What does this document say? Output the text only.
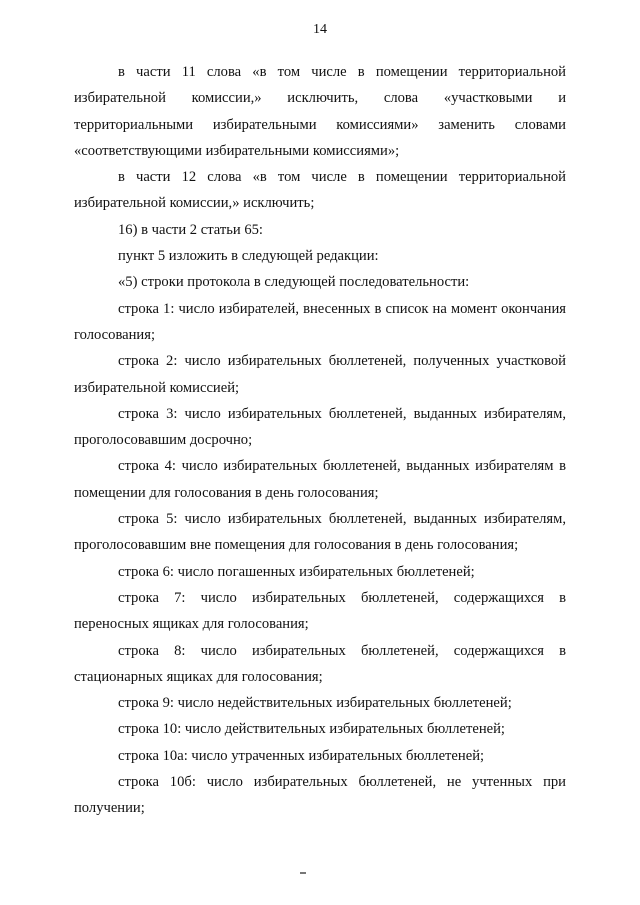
14

в части 11 слова «в том числе в помещении территориальной избирательной комиссии,» исключить, слова «участковыми и территориальными избирательными комиссиями» заменить словами «соответствующими избирательными комиссиями»;

в части 12 слова «в том числе в помещении территориальной избирательной комиссии,» исключить;

16) в части 2 статьи 65:

пункт 5 изложить в следующей редакции:

«5) строки протокола в следующей последовательности:

строка 1: число избирателей, внесенных в список на момент окончания голосования;

строка 2: число избирательных бюллетеней, полученных участковой избирательной комиссией;

строка 3: число избирательных бюллетеней, выданных избирателям, проголосовавшим досрочно;

строка 4: число избирательных бюллетеней, выданных избирателям в помещении для голосования в день голосования;

строка 5: число избирательных бюллетеней, выданных избирателям, проголосовавшим вне помещения для голосования в день голосования;

строка 6: число погашенных избирательных бюллетеней;

строка 7: число избирательных бюллетеней, содержащихся в переносных ящиках для голосования;

строка 8: число избирательных бюллетеней, содержащихся в стационарных ящиках для голосования;

строка 9: число недействительных избирательных бюллетеней;

строка 10: число действительных избирательных бюллетеней;

строка 10а: число утраченных избирательных бюллетеней;

строка 10б: число избирательных бюллетеней, не учтенных при получении;
